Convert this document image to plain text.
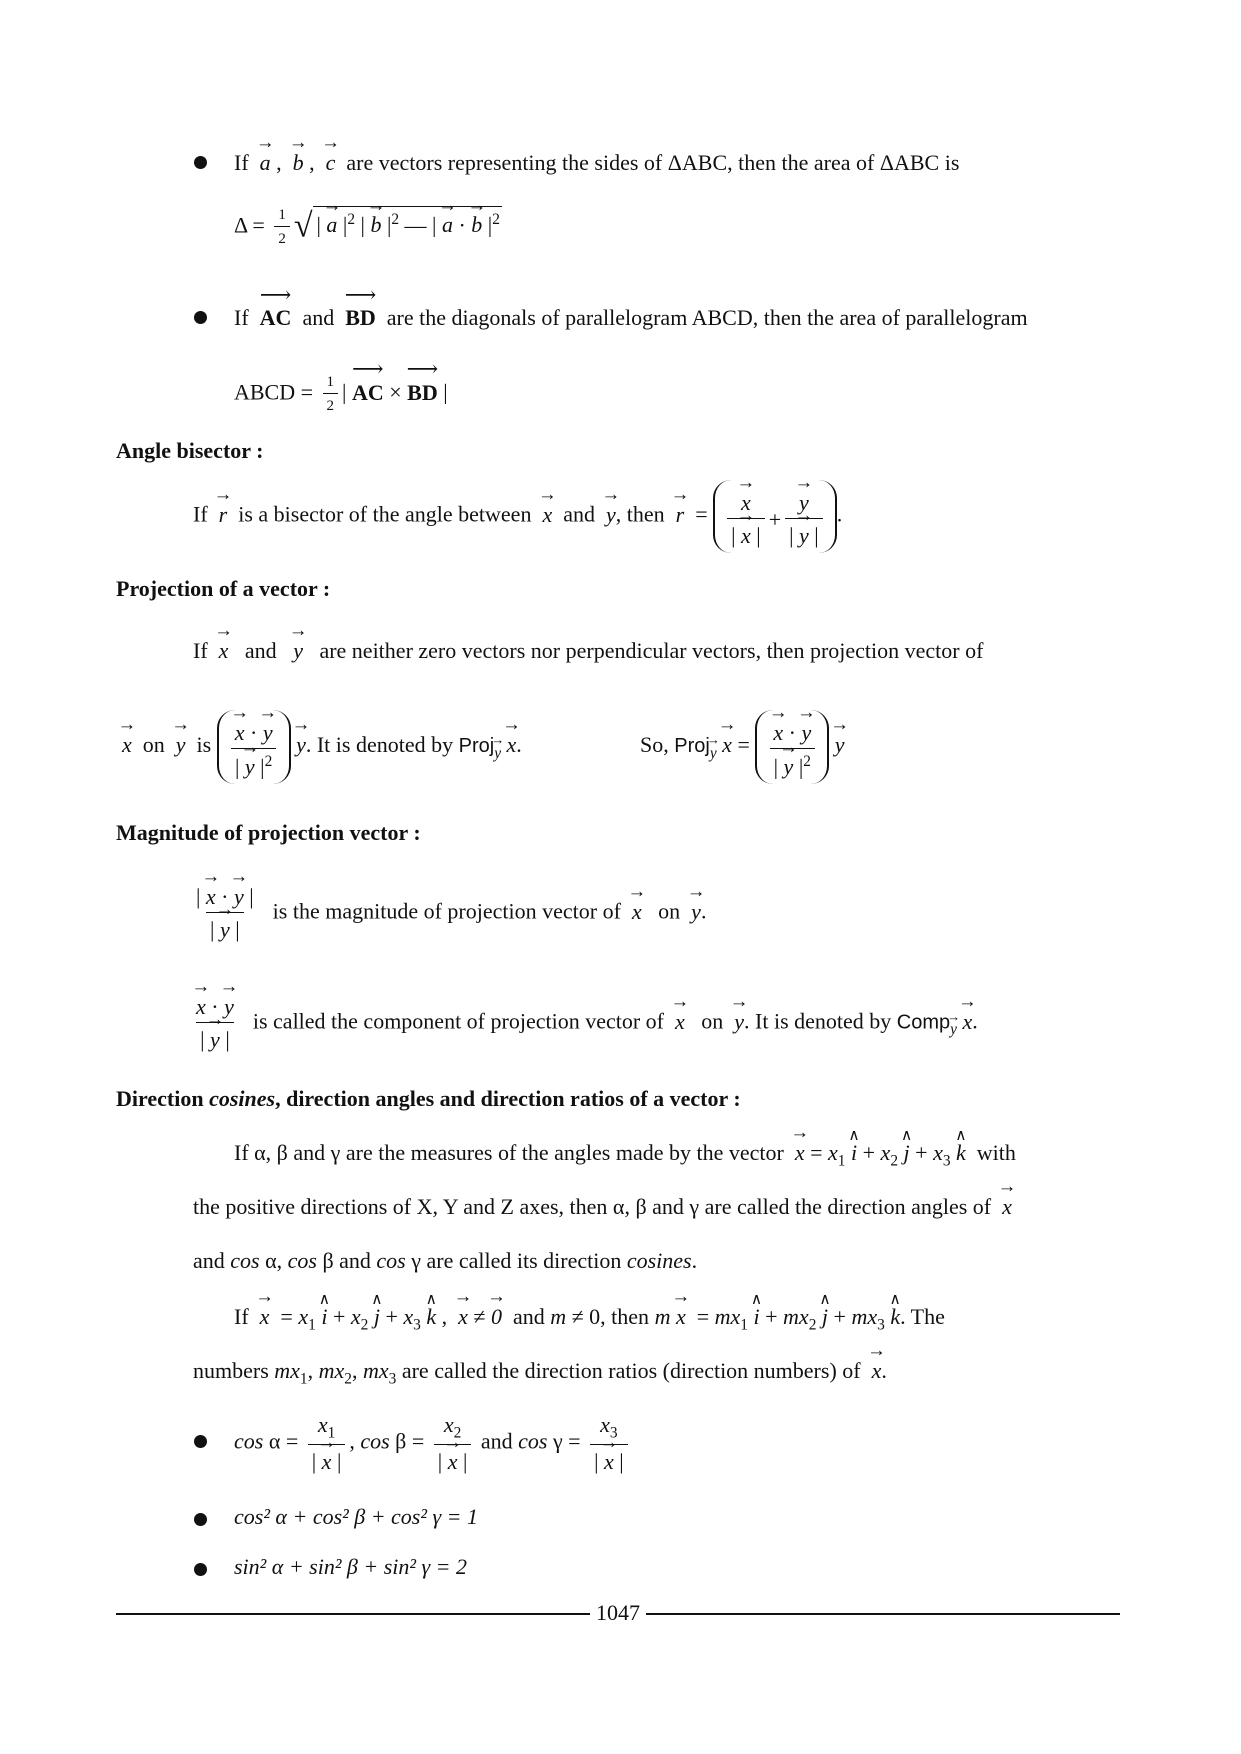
If  → a ,  → b ,  → c are vectors representing the sides of ΔABC, then the area of ΔABC is
$\Delta = \frac{1}{2}$ √ | → a $|^2$ | → b $|^2$ — | → a · → b $|^2$
If  ⟶ AC and  ⟶ BD are the diagonals of parallelogram ABCD, then the area of parallelogram
ABCD = $\frac{1}{2}$ | ⟶ AC × ⟶ BD |
Angle bisector :
If  → r is a bisector of the angle between  → x and  → y, then  → r  =
→ $\frac{x}{| \to x |}$ +
→ $\frac{y}{| \to y |}$ .
Projection of a vector :
If  → x and   → y are neither zero vectors nor perpendicular vectors, then projection vector of
→ x on  → y is
→ $\frac{x \cdot \to y}{| \to y |^2}$
→ y. It is denoted by Proj→ $_y$ → x.	So, Proj→ $_y$ → x =
→ $\frac{x \cdot \to y}{| \to y |^2}$
→ y
Magnitude of projection vector :
$\frac{| \to x \cdot \to y |}{| \to y |}$ is the magnitude of projection vector of  → x on  → y.
→ $\frac{x \cdot \to y}{| \to y |}$ is called the component of projection vector of  → x   on  → y. It is denoted by Comp→ $_y$ → x.
Direction cosines, direction angles and direction ratios of a vector :
If α, β and γ are the measures of the angles made by the vector  → $x = x_1$ ∧ $i + x_2$ ∧ $j + x_3$ ∧ k with
the positive directions of X, Y and Z axes, then α, β and γ are called the direction angles of  → x
and cos α, cos β and cos γ are called its direction cosines.
$If \to x = x_1$ ∧ $i + x_2$ ∧ $j + x_3$ ∧ k ,  → x ≠ → 0 and m ≠ 0, then $m \to x = mx_1$ ∧ $i + mx_2$ ∧ $j + mx_3$ ∧ k. The
numbers $mx_1$, $mx_2$, $mx_3$ are called the direction ratios (direction numbers) of  → x.
$\cos \alpha = \frac{x_1}{| \to x |}$ , $\cos \beta = \frac{x_2}{| \to x |}$ and $\cos \gamma = \frac{x_3}{| \to x |}$
cos² α + cos² β + cos² γ = 1
sin² α + sin² β + sin² γ = 2
1047
